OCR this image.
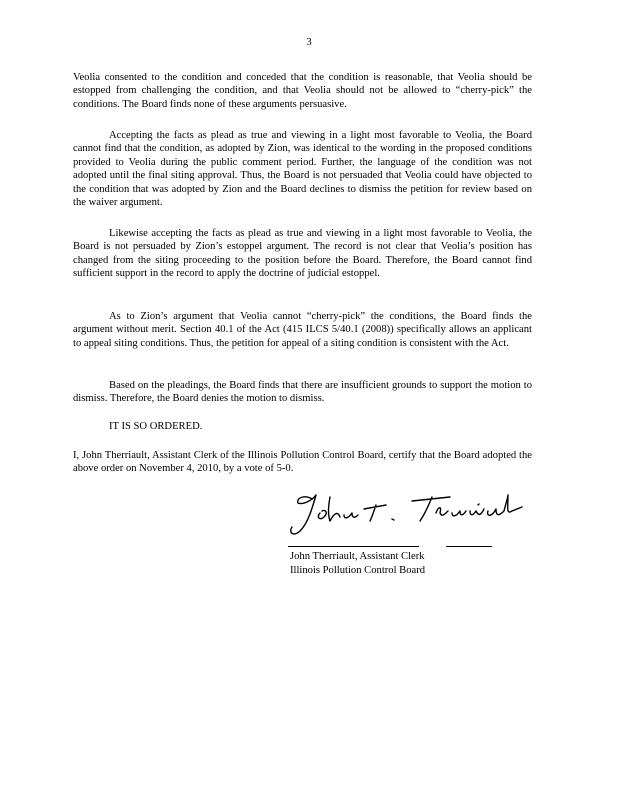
3

Veolia consented to the condition and conceded that the condition is reasonable, that Veolia should be estopped from challenging the condition, and that Veolia should not be allowed to “cherry-pick” the conditions. The Board finds none of these arguments persuasive.

Accepting the facts as plead as true and viewing in a light most favorable to Veolia, the Board cannot find that the condition, as adopted by Zion, was identical to the wording in the proposed conditions provided to Veolia during the public comment period. Further, the language of the condition was not adopted until the final siting approval. Thus, the Board is not persuaded that Veolia could have objected to the condition that was adopted by Zion and the Board declines to dismiss the petition for review based on the waiver argument.

Likewise accepting the facts as plead as true and viewing in a light most favorable to Veolia, the Board is not persuaded by Zion’s estoppel argument. The record is not clear that Veolia’s position has changed from the siting proceeding to the position before the Board. Therefore, the Board cannot find sufficient support in the record to apply the doctrine of judicial estoppel.

As to Zion’s argument that Veolia cannot “cherry-pick” the conditions, the Board finds the argument without merit. Section 40.1 of the Act (415 ILCS 5/40.1 (2008)) specifically allows an applicant to appeal siting conditions. Thus, the petition for appeal of a siting condition is consistent with the Act.

Based on the pleadings, the Board finds that there are insufficient grounds to support the motion to dismiss. Therefore, the Board denies the motion to dismiss.

IT IS SO ORDERED.

I, John Therriault, Assistant Clerk of the Illinois Pollution Control Board, certify that the Board adopted the above order on November 4, 2010, by a vote of 5-0.

John Therriault, Assistant Clerk
Illinois Pollution Control Board
